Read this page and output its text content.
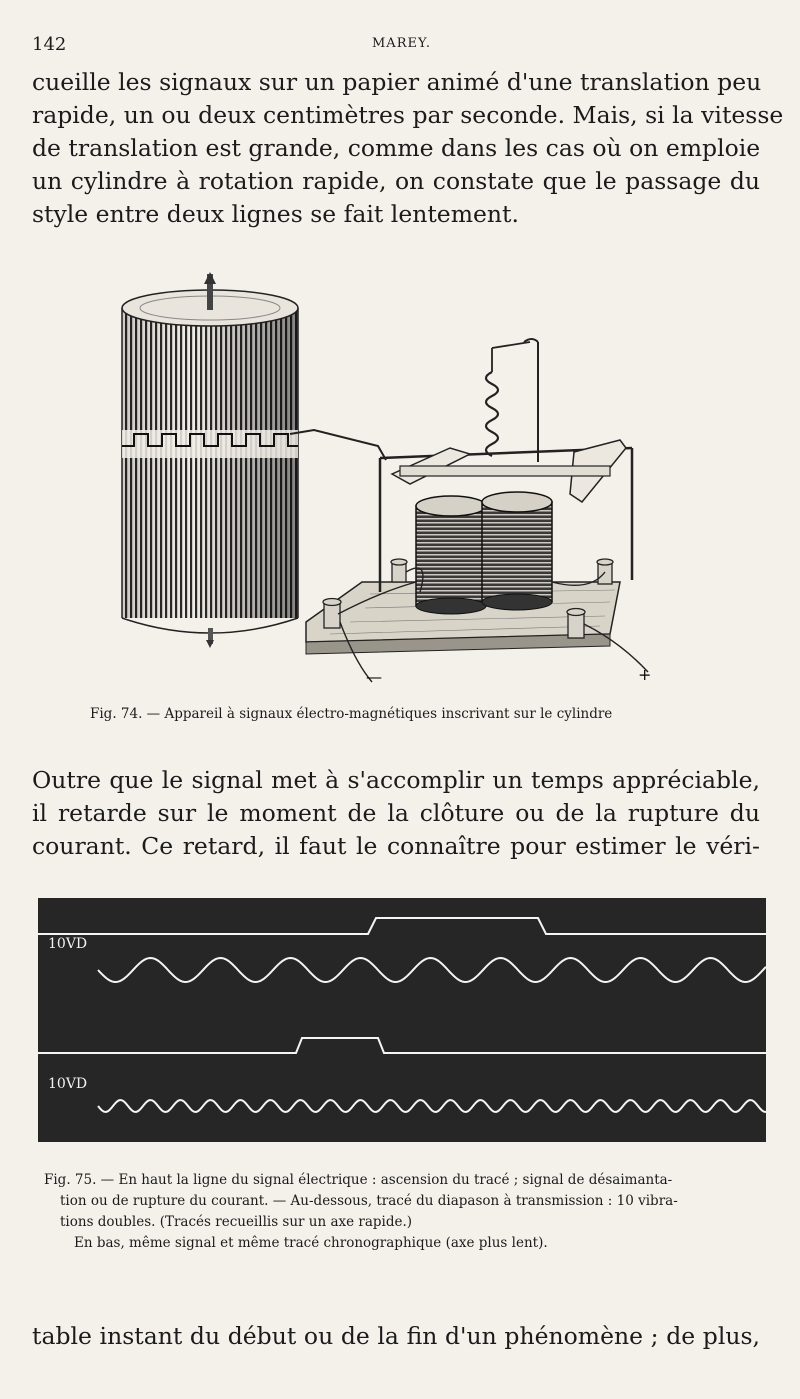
142	MAREY.
cueille les signaux sur un papier animé d'une translation peu
rapide, un ou deux centimètres par seconde. Mais, si la vitesse
de translation est grande, comme dans les cas où on emploie
un cylindre à rotation rapide, on constate que le passage du
style entre deux lignes se fait lentement.
—	+
Fig. 74. — Appareil à signaux électro-magnétiques inscrivant sur le cylindre
Outre que le signal met à s'accomplir un temps appréciable,
il retarde sur le moment de la clôture ou de la rupture du
courant. Ce retard, il faut le connaître pour estimer le véri-
10VD
10VD
Fig. 75. — En haut la ligne du signal électrique : ascension du tracé ; signal de désaimanta-
tion ou de rupture du courant. — Au-dessous, tracé du diapason à transmission : 10 vibra-
tions doubles. (Tracés recueillis sur un axe rapide.)
En bas, même signal et même tracé chronographique (axe plus lent).
table instant du début ou de la fin d'un phénomène ; de plus,
